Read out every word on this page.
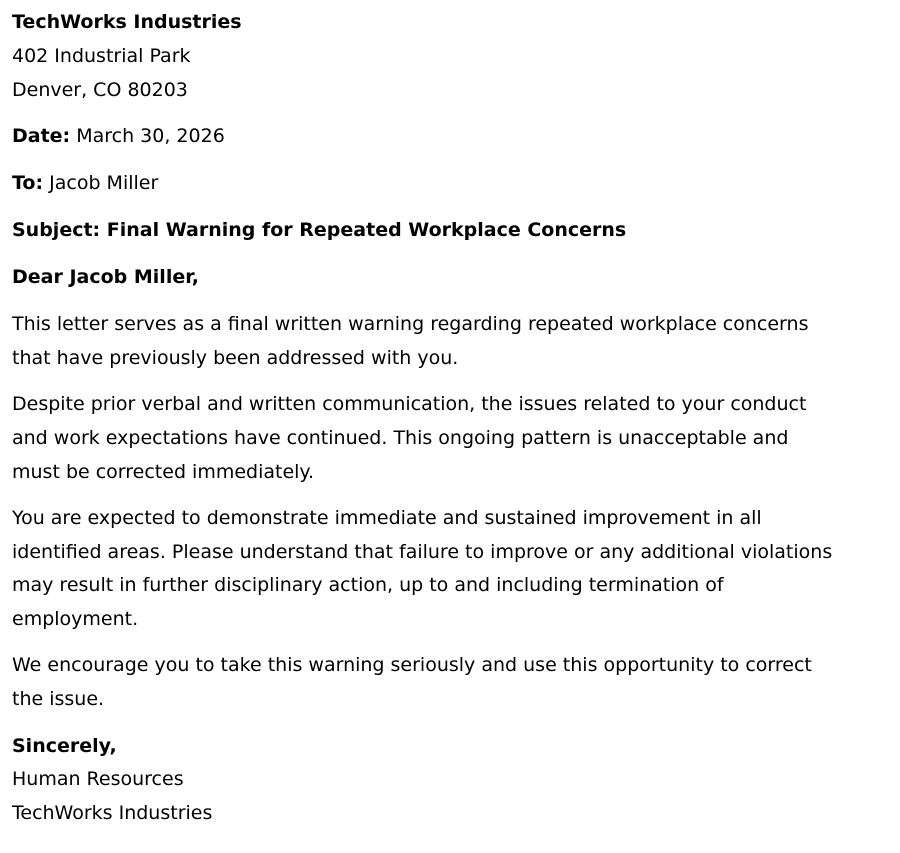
TechWorks Industries
402 Industrial Park
Denver, CO 80203
Date: March 30, 2026
To: Jacob Miller
Subject: Final Warning for Repeated Workplace Concerns
Dear Jacob Miller,
This letter serves as a final written warning regarding repeated workplace concerns
that have previously been addressed with you.
Despite prior verbal and written communication, the issues related to your conduct
and work expectations have continued. This ongoing pattern is unacceptable and
must be corrected immediately.
You are expected to demonstrate immediate and sustained improvement in all
identified areas. Please understand that failure to improve or any additional violations
may result in further disciplinary action, up to and including termination of
employment.
We encourage you to take this warning seriously and use this opportunity to correct
the issue.
Sincerely,
Human Resources
TechWorks Industries
